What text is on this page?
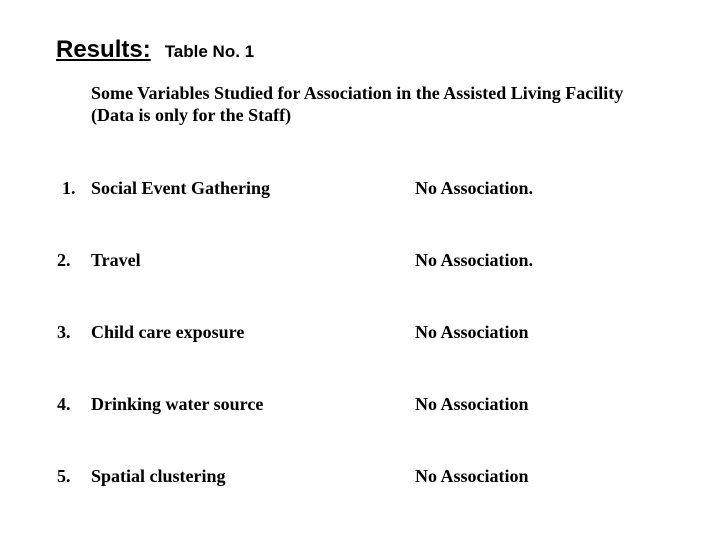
Results: Table No. 1
Some Variables Studied for Association in the Assisted Living Facility (Data is only for the Staff)
1. Social Event Gathering	No Association.
2. Travel	No Association.
3. Child care exposure	No Association
4. Drinking water source	No Association
5. Spatial clustering	No Association
